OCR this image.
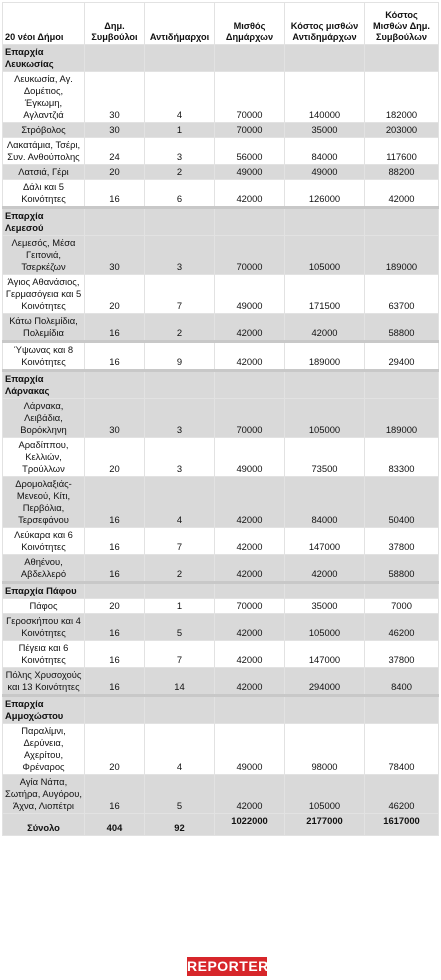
20 νέοι Δήμοι	Δημ. Συμβούλοι	Αντιδήμαρχοι	Μισθός Δημάρχων	Κόστος μισθών Αντιδημάρχων	Κόστος Μισθών Δημ. Συμβούλων
Επαρχία Λευκωσίας					
Λευκωσία, Αγ. Δομέτιος, Έγκωμη, Αγλαντζιά	30	4	70000	140000	182000
Στρόβολος	30	1	70000	35000	203000
Λακατάμια, Τσέρι, Συν. Ανθούπολης	24	3	56000	84000	117600
Λατσιά, Γέρι	20	2	49000	49000	88200
Δάλι και 5 Κοινότητες	16	6	42000	126000	42000
Επαρχία Λεμεσού					
Λεμεσός, Μέσα Γειτονιά, Τσερκέζων	30	3	70000	105000	189000
Άγιος Αθανάσιος, Γερμασόγεια και 5 Κοινότητες	20	7	49000	171500	63700
Κάτω Πολεμίδια, Πολεμίδια	16	2	42000	42000	58800
Ύψωνας και 8 Κοινότητες	16	9	42000	189000	29400
Επαρχία Λάρνακας					
Λάρνακα, Λειβάδια, Βορόκληνη	30	3	70000	105000	189000
Αραδίππου, Κελλιών, Τρούλλων	20	3	49000	73500	83300
Δρομολαξιάς-Μενεού, Κίτι, Περβόλια, Τερσεφάνου	16	4	42000	84000	50400
Λεύκαρα και 6 Κοινότητες	16	7	42000	147000	37800
Αθηένου, Αβδελλερό	16	2	42000	42000	58800
Επαρχία Πάφου					
Πάφος	20	1	70000	35000	7000
Γεροσκήπου και 4 Κοινότητες	16	5	42000	105000	46200
Πέγεια και 6 Κοινότητες	16	7	42000	147000	37800
Πόλης Χρυσοχούς και 13 Κοινότητες	16	14	42000	294000	8400
Επαρχία Αμμοχώστου					
Παραλίμνι, Δερύνεια, Αχερίτου, Φρέναρος	20	4	49000	98000	78400
Αγία Νάπα, Σωτήρα, Αυγόρου, Άχνα, Λιοπέτρι	16	5	42000	105000	46200
Σύνολο	404	92	1022000	2177000	1617000
REPORTER
